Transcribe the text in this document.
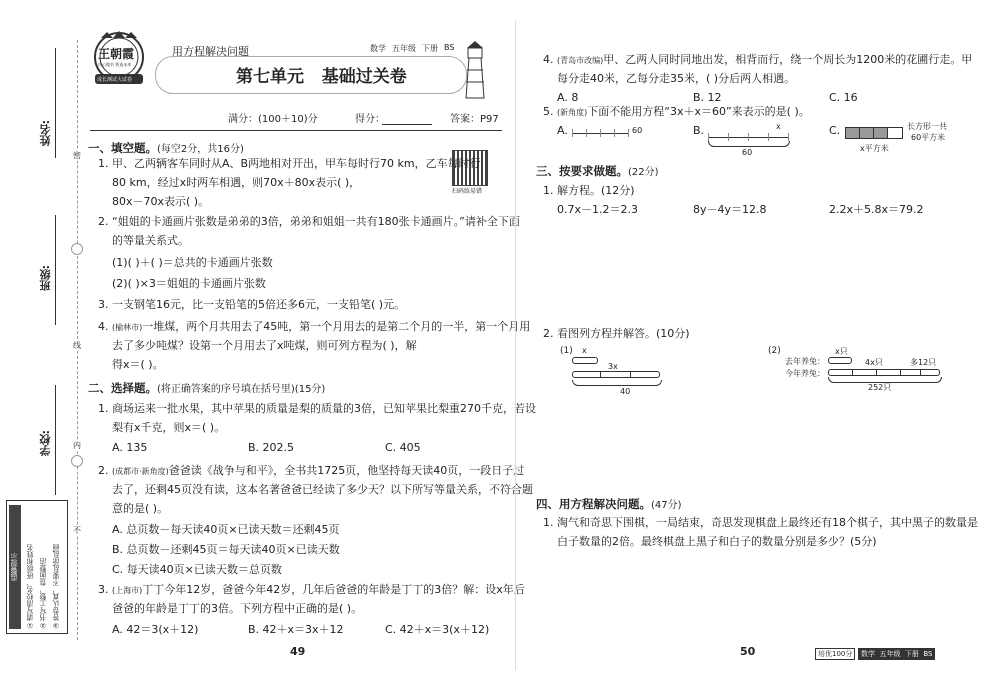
姓名:
班级:
学校:
密
线
内
不
温馨提示	①请写清校名、班级和姓名 ②书写工整，卷面整洁 ③答卷认真，不要乱涂乱画
王朝霞
用心做书 智造未来
成长测试大试卷
用方程解决问题	数学 五年级 下册 BS
第七单元   基础过关卷
满分：(100＋10)分	得分：	答案：P97
扫码练易错
一、填空题。(每空2分，共16分)
1. 甲、乙两辆客车同时从A、B两地相对开出，甲车每时行70 km，乙车每时行
80 km，经过x时两车相遇，则70x＋80x表示( )，
80x－70x表示( )。
2. “姐姐的卡通画片张数是弟弟的3倍，弟弟和姐姐一共有180张卡通画片。”请补全下面
的等量关系式。
(1)( )＋( )＝总共的卡通画片张数
(2)( )×3＝姐姐的卡通画片张数
3. 一支钢笔16元，比一支铅笔的5倍还多6元，一支铅笔( )元。
4. (榆林市)一堆煤，两个月共用去了45吨，第一个月用去的是第二个月的一半，第一个月用
去了多少吨煤？设第一个月用去了x吨煤，则可列方程为( )，解
得x＝( )。
二、选择题。(将正确答案的序号填在括号里)(15分)
1. 商场运来一批水果，其中苹果的质量是梨的质量的3倍，已知苹果比梨重270千克，若设
梨有x千克，则x＝( )。
A. 135	B. 202.5	C. 405
2. (成都市·新角度)爸爸读《战争与和平》，全书共1725页，他坚持每天读40页，一段日子过
去了，还剩45页没有读，这本名著爸爸已经读了多少天？以下所写等量关系，不符合题
意的是( )。
A. 总页数－每天读40页×已读天数＝还剩45页
B. 总页数－还剩45页＝每天读40页×已读天数
C. 每天读40页×已读天数＝总页数
3. (上海市)丁丁今年12岁，爸爸今年42岁，几年后爸爸的年龄是丁丁的3倍？解：设x年后
爸爸的年龄是丁丁的3倍。下列方程中正确的是( )。
A. 42＝3(x＋12)	B. 42＋x＝3x＋12	C. 42＋x＝3(x＋12)
49
4. (青岛市改编)甲、乙两人同时同地出发，相背而行，绕一个周长为1200米的花圃行走。甲
每分走40米，乙每分走35米，( )分后两人相遇。
A. 8	B. 12	C. 16
5. (新角度)下面不能用方程“3x＋x＝60”来表示的是( )。
A.	60	B.	x
60
C.	长方形一共
60平方米
x平方米
三、按要求做题。(22分)
1. 解方程。(12分)
0.7x－1.2＝2.3	8y－4y＝12.8	2.2x＋5.8x＝79.2
2. 看图列方程并解答。(10分)
(1) x
3x
40
(2)	x只
去年养兔：	4x只	多12只
今年养兔：
252只
四、用方程解决问题。(47分)
1. 淘气和奇思下围棋，一局结束，奇思发现棋盘上最终还有18个棋子，其中黑子的数量是
白子数量的2倍。最终棋盘上黑子和白子的数量分别是多少？(5分)
50	培优100分	数学  五年级  下册  BS
